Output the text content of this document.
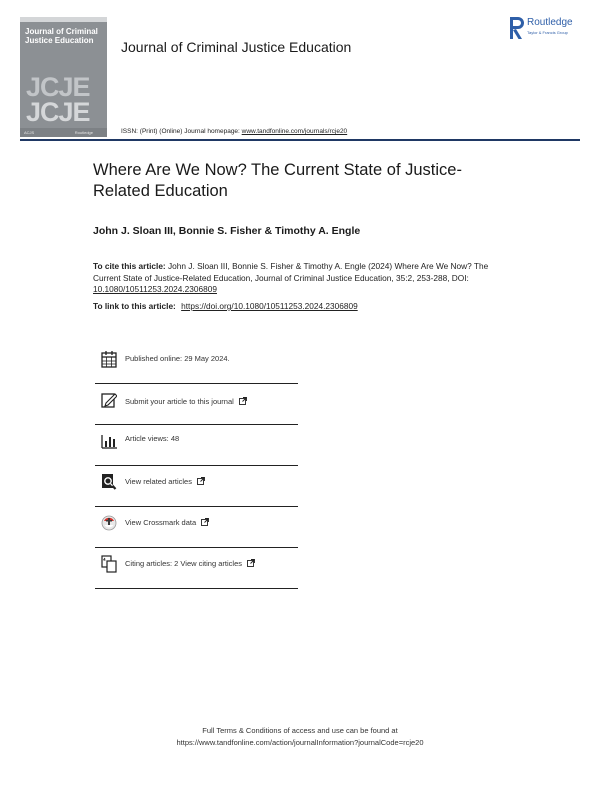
Journal of Criminal
Justice Education
JCJE
JCJE
ACJS	Routledge
Journal of Criminal Justice Education
Routledge
Taylor & Francis Group
ISSN: (Print) (Online) Journal homepage: www.tandfonline.com/journals/rcje20
Where Are We Now? The Current State of Justice-Related Education
John J. Sloan III, Bonnie S. Fisher & Timothy A. Engle
To cite this article: John J. Sloan III, Bonnie S. Fisher & Timothy A. Engle (2024) Where Are We Now? The Current State of Justice-Related Education, Journal of Criminal Justice Education, 35:2, 253-288, DOI: 10.1080/10511253.2024.2306809
To link to this article: https://doi.org/10.1080/10511253.2024.2306809
Published online: 29 May 2024.
Submit your article to this journal
Article views: 48
View related articles
View Crossmark data
Citing articles: 2 View citing articles
Full Terms & Conditions of access and use can be found at
https://www.tandfonline.com/action/journalInformation?journalCode=rcje20
